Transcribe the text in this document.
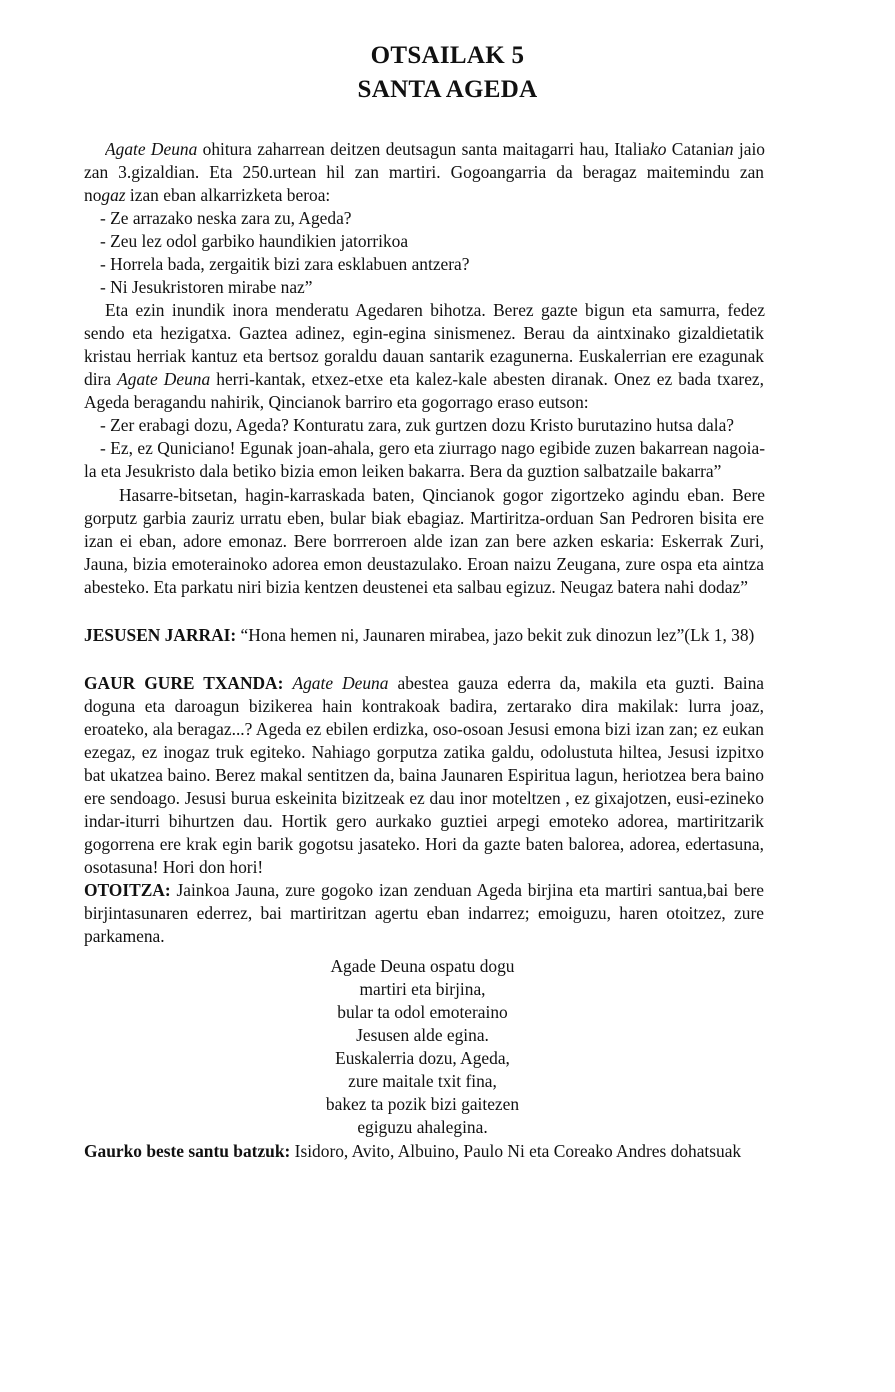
OTSAILAK 5
SANTA AGEDA
Agate Deuna ohitura zaharrean deitzen deutsagun santa maitagarri hau, Italiako Catanian jaio
zan 3.gizaldian. Eta 250.urtean hil zan martiri. Gogoangarria da beragaz maitemindu zan
nogaz izan eban alkarrizketa beroa:
- Ze arrazako neska zara zu, Ageda?
- Zeu lez odol garbiko haundikien jatorrikoa
- Horrela bada, zergaitik bizi zara esklabuen antzera?
- Ni Jesukristoren mirabe naz”
Eta ezin inundik inora menderatu Agedaren bihotza. Berez gazte bigun eta samurra, fedez
sendo eta hezigatxa. Gaztea adinez, egin-egina sinismenez. Berau da aintxinako gizaldietatik
kristau herriak kantuz eta bertsoz goraldu dauan santarik ezagunerna. Euskalerrian ere ezagunak
dira Agate Deuna herri-kantak, etxez-etxe eta kalez-kale abesten diranak. Onez ez bada txarez,
Ageda beragandu nahirik, Qincianok barriro eta gogorrago eraso eutson:
- Zer erabagi dozu, Ageda? Konturatu zara, zuk gurtzen dozu Kristo burutazino hutsa dala?
- Ez, ez Quniciano! Egunak joan-ahala, gero eta ziurrago nago egibide zuzen bakarrean nagoia-
la eta Jesukristo dala betiko bizia emon leiken bakarra. Bera da guztion salbatzaile bakarra”
Hasarre-bitsetan, hagin-karraskada baten, Qincianok gogor zigortzeko agindu eban. Bere
gorputz garbia zauriz urratu eben, bular biak ebagiaz. Martiritza-orduan San Pedroren bisita ere
izan ei eban, adore emonaz. Bere borrreroen alde izan zan bere azken eskaria: Eskerrak Zuri,
Jauna, bizia emoterainoko adorea emon deustazulako. Eroan naizu Zeugana, zure ospa eta aintza
abesteko. Eta parkatu niri bizia kentzen deustenei eta salbau egizuz. Neugaz batera nahi dodaz”
JESUSEN JARRAI: “Hona hemen ni, Jaunaren mirabea, jazo bekit zuk dinozun lez”(Lk 1, 38)
GAUR GURE TXANDA: Agate Deuna abestea gauza ederra da, makila eta guzti. Baina
doguna eta daroagun bizikerea hain kontrakoak badira, zertarako dira makilak: lurra joaz,
eroateko, ala beragaz...? Ageda ez ebilen erdizka, oso-osoan Jesusi emona bizi izan zan; ez eukan
ezegaz, ez inogaz truk egiteko. Nahiago gorputza zatika galdu, odolustuta hiltea, Jesusi izpitxo
bat ukatzea baino. Berez makal sentitzen da, baina Jaunaren Espiritua lagun, heriotzea bera baino
ere sendoago. Jesusi burua eskeinita bizitzeak ez dau inor moteltzen , ez gixajotzen, eusi-ezineko
indar-iturri bihurtzen dau. Hortik gero aurkako guztiei arpegi emoteko adorea, martiritzarik
gogorrena ere krak egin barik gogotsu jasateko. Hori da gazte baten balorea, adorea, edertasuna,
osotasuna! Hori don hori!
OTOITZA: Jainkoa Jauna, zure gogoko izan zenduan Ageda birjina eta martiri santua,bai bere
birjintasunaren ederrez, bai martiritzan agertu eban indarrez; emoiguzu, haren otoitzez, zure
parkamena.
Agade Deuna ospatu dogu
martiri eta birjina,
bular ta odol emoteraino
Jesusen alde egina.
Euskalerria dozu, Ageda,
zure maitale txit fina,
bakez ta pozik bizi gaitezen
egiguzu ahalegina.
Gaurko beste santu batzuk: Isidoro, Avito, Albuino, Paulo Ni eta Coreako Andres dohatsuak
